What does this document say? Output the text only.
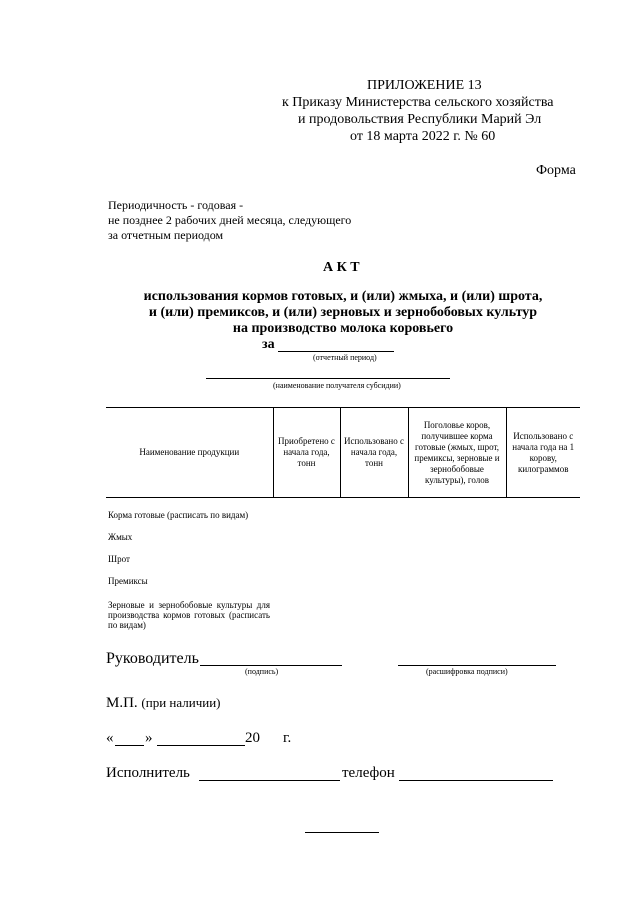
ПРИЛОЖЕНИЕ 13
к Приказу Министерства сельского хозяйства
и продовольствия Республики Марий Эл
от 18 марта 2022 г. № 60
Форма
Периодичность - годовая -
не позднее 2 рабочих дней месяца, следующего
за отчетным периодом
А К Т
использования кормов готовых, и (или) жмыха, и (или) шрота,
и (или) премиксов, и (или) зерновых и зернобобовых культур
на производство молока коровьего
за
(отчетный период)
(наименование получателя субсидии)
Наименование продукции	Приобретено с начала года, тонн	Использовано с начала года, тонн	Поголовье коров, получившее корма готовые (жмых, шрот, премиксы, зерновые и зернобобовые культуры), голов	Использовано с начала года на 1 корову, килограммов
Корма готовые (расписать по видам)
Жмых
Шрот
Премиксы
Зерновые и зернобобовые культуры для производства кормов готовых (расписать по видам)
Руководитель
(подпись)	(расшифровка подписи)
М.П. (при наличии)
« »	20 г.
Исполнитель	телефон
